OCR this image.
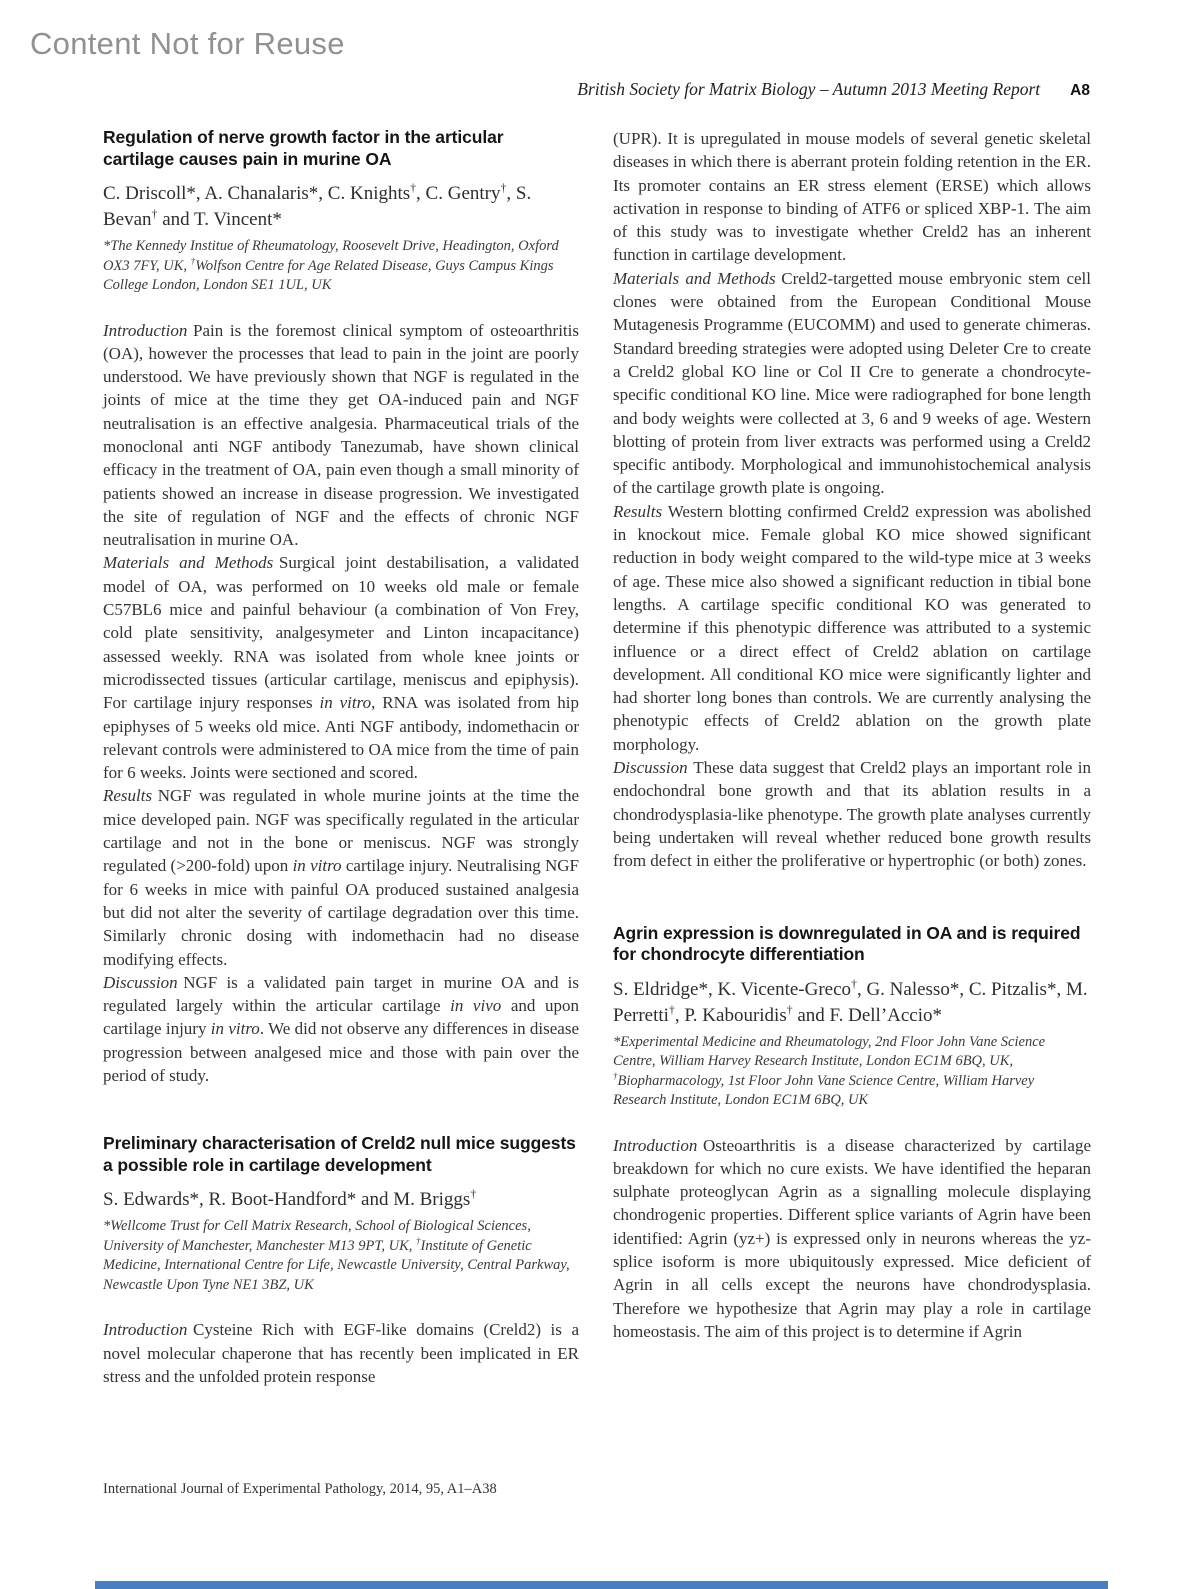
Content Not for Reuse
British Society for Matrix Biology – Autumn 2013 Meeting Report A8
Regulation of nerve growth factor in the articular cartilage causes pain in murine OA

C. Driscoll*, A. Chanalaris*, C. Knights†, C. Gentry†, S. Bevan† and T. Vincent*

*The Kennedy Institue of Rheumatology, Roosevelt Drive, Headington, Oxford OX3 7FY, UK, †Wolfson Centre for Age Related Disease, Guys Campus Kings College London, London SE1 1UL, UK

Introduction Pain is the foremost clinical symptom of osteoarthritis (OA), however the processes that lead to pain in the joint are poorly understood. We have previously shown that NGF is regulated in the joints of mice at the time they get OA-induced pain and NGF neutralisation is an effective analgesia. Pharmaceutical trials of the monoclonal anti NGF antibody Tanezumab, have shown clinical efficacy in the treatment of OA, pain even though a small minority of patients showed an increase in disease progression. We investigated the site of regulation of NGF and the effects of chronic NGF neutralisation in murine OA.

Materials and Methods Surgical joint destabilisation, a validated model of OA, was performed on 10 weeks old male or female C57BL6 mice and painful behaviour (a combination of Von Frey, cold plate sensitivity, analgesymeter and Linton incapacitance) assessed weekly. RNA was isolated from whole knee joints or microdissected tissues (articular cartilage, meniscus and epiphysis). For cartilage injury responses in vitro, RNA was isolated from hip epiphyses of 5 weeks old mice. Anti NGF antibody, indomethacin or relevant controls were administered to OA mice from the time of pain for 6 weeks. Joints were sectioned and scored.

Results NGF was regulated in whole murine joints at the time the mice developed pain. NGF was specifically regulated in the articular cartilage and not in the bone or meniscus. NGF was strongly regulated (>200-fold) upon in vitro cartilage injury. Neutralising NGF for 6 weeks in mice with painful OA produced sustained analgesia but did not alter the severity of cartilage degradation over this time. Similarly chronic dosing with indomethacin had no disease modifying effects.

Discussion NGF is a validated pain target in murine OA and is regulated largely within the articular cartilage in vivo and upon cartilage injury in vitro. We did not observe any differences in disease progression between analgesed mice and those with pain over the period of study.

Preliminary characterisation of Creld2 null mice suggests a possible role in cartilage development

S. Edwards*, R. Boot-Handford* and M. Briggs†

*Wellcome Trust for Cell Matrix Research, School of Biological Sciences, University of Manchester, Manchester M13 9PT, UK, †Institute of Genetic Medicine, International Centre for Life, Newcastle University, Central Parkway, Newcastle Upon Tyne NE1 3BZ, UK

Introduction Cysteine Rich with EGF-like domains (Creld2) is a novel molecular chaperone that has recently been implicated in ER stress and the unfolded protein response

(UPR). It is upregulated in mouse models of several genetic skeletal diseases in which there is aberrant protein folding retention in the ER. Its promoter contains an ER stress element (ERSE) which allows activation in response to binding of ATF6 or spliced XBP-1. The aim of this study was to investigate whether Creld2 has an inherent function in cartilage development.

Materials and Methods Creld2-targetted mouse embryonic stem cell clones were obtained from the European Conditional Mouse Mutagenesis Programme (EUCOMM) and used to generate chimeras. Standard breeding strategies were adopted using Deleter Cre to create a Creld2 global KO line or Col II Cre to generate a chondrocyte-specific conditional KO line. Mice were radiographed for bone length and body weights were collected at 3, 6 and 9 weeks of age. Western blotting of protein from liver extracts was performed using a Creld2 specific antibody. Morphological and immunohistochemical analysis of the cartilage growth plate is ongoing.

Results Western blotting confirmed Creld2 expression was abolished in knockout mice. Female global KO mice showed significant reduction in body weight compared to the wild-type mice at 3 weeks of age. These mice also showed a significant reduction in tibial bone lengths. A cartilage specific conditional KO was generated to determine if this phenotypic difference was attributed to a systemic influence or a direct effect of Creld2 ablation on cartilage development. All conditional KO mice were significantly lighter and had shorter long bones than controls. We are currently analysing the phenotypic effects of Creld2 ablation on the growth plate morphology.

Discussion These data suggest that Creld2 plays an important role in endochondral bone growth and that its ablation results in a chondrodysplasia-like phenotype. The growth plate analyses currently being undertaken will reveal whether reduced bone growth results from defect in either the proliferative or hypertrophic (or both) zones.

Agrin expression is downregulated in OA and is required for chondrocyte differentiation

S. Eldridge*, K. Vicente-Greco†, G. Nalesso*, C. Pitzalis*, M. Perretti†, P. Kabouridis† and F. Dell’Accio*

*Experimental Medicine and Rheumatology, 2nd Floor John Vane Science Centre, William Harvey Research Institute, London EC1M 6BQ, UK, †Biopharmacology, 1st Floor John Vane Science Centre, William Harvey Research Institute, London EC1M 6BQ, UK

Introduction Osteoarthritis is a disease characterized by cartilage breakdown for which no cure exists. We have identified the heparan sulphate proteoglycan Agrin as a signalling molecule displaying chondrogenic properties. Different splice variants of Agrin have been identified: Agrin (yz+) is expressed only in neurons whereas the yz- splice isoform is more ubiquitously expressed. Mice deficient of Agrin in all cells except the neurons have chondrodysplasia. Therefore we hypothesize that Agrin may play a role in cartilage homeostasis. The aim of this project is to determine if Agrin

International Journal of Experimental Pathology, 2014, 95, A1–A38
